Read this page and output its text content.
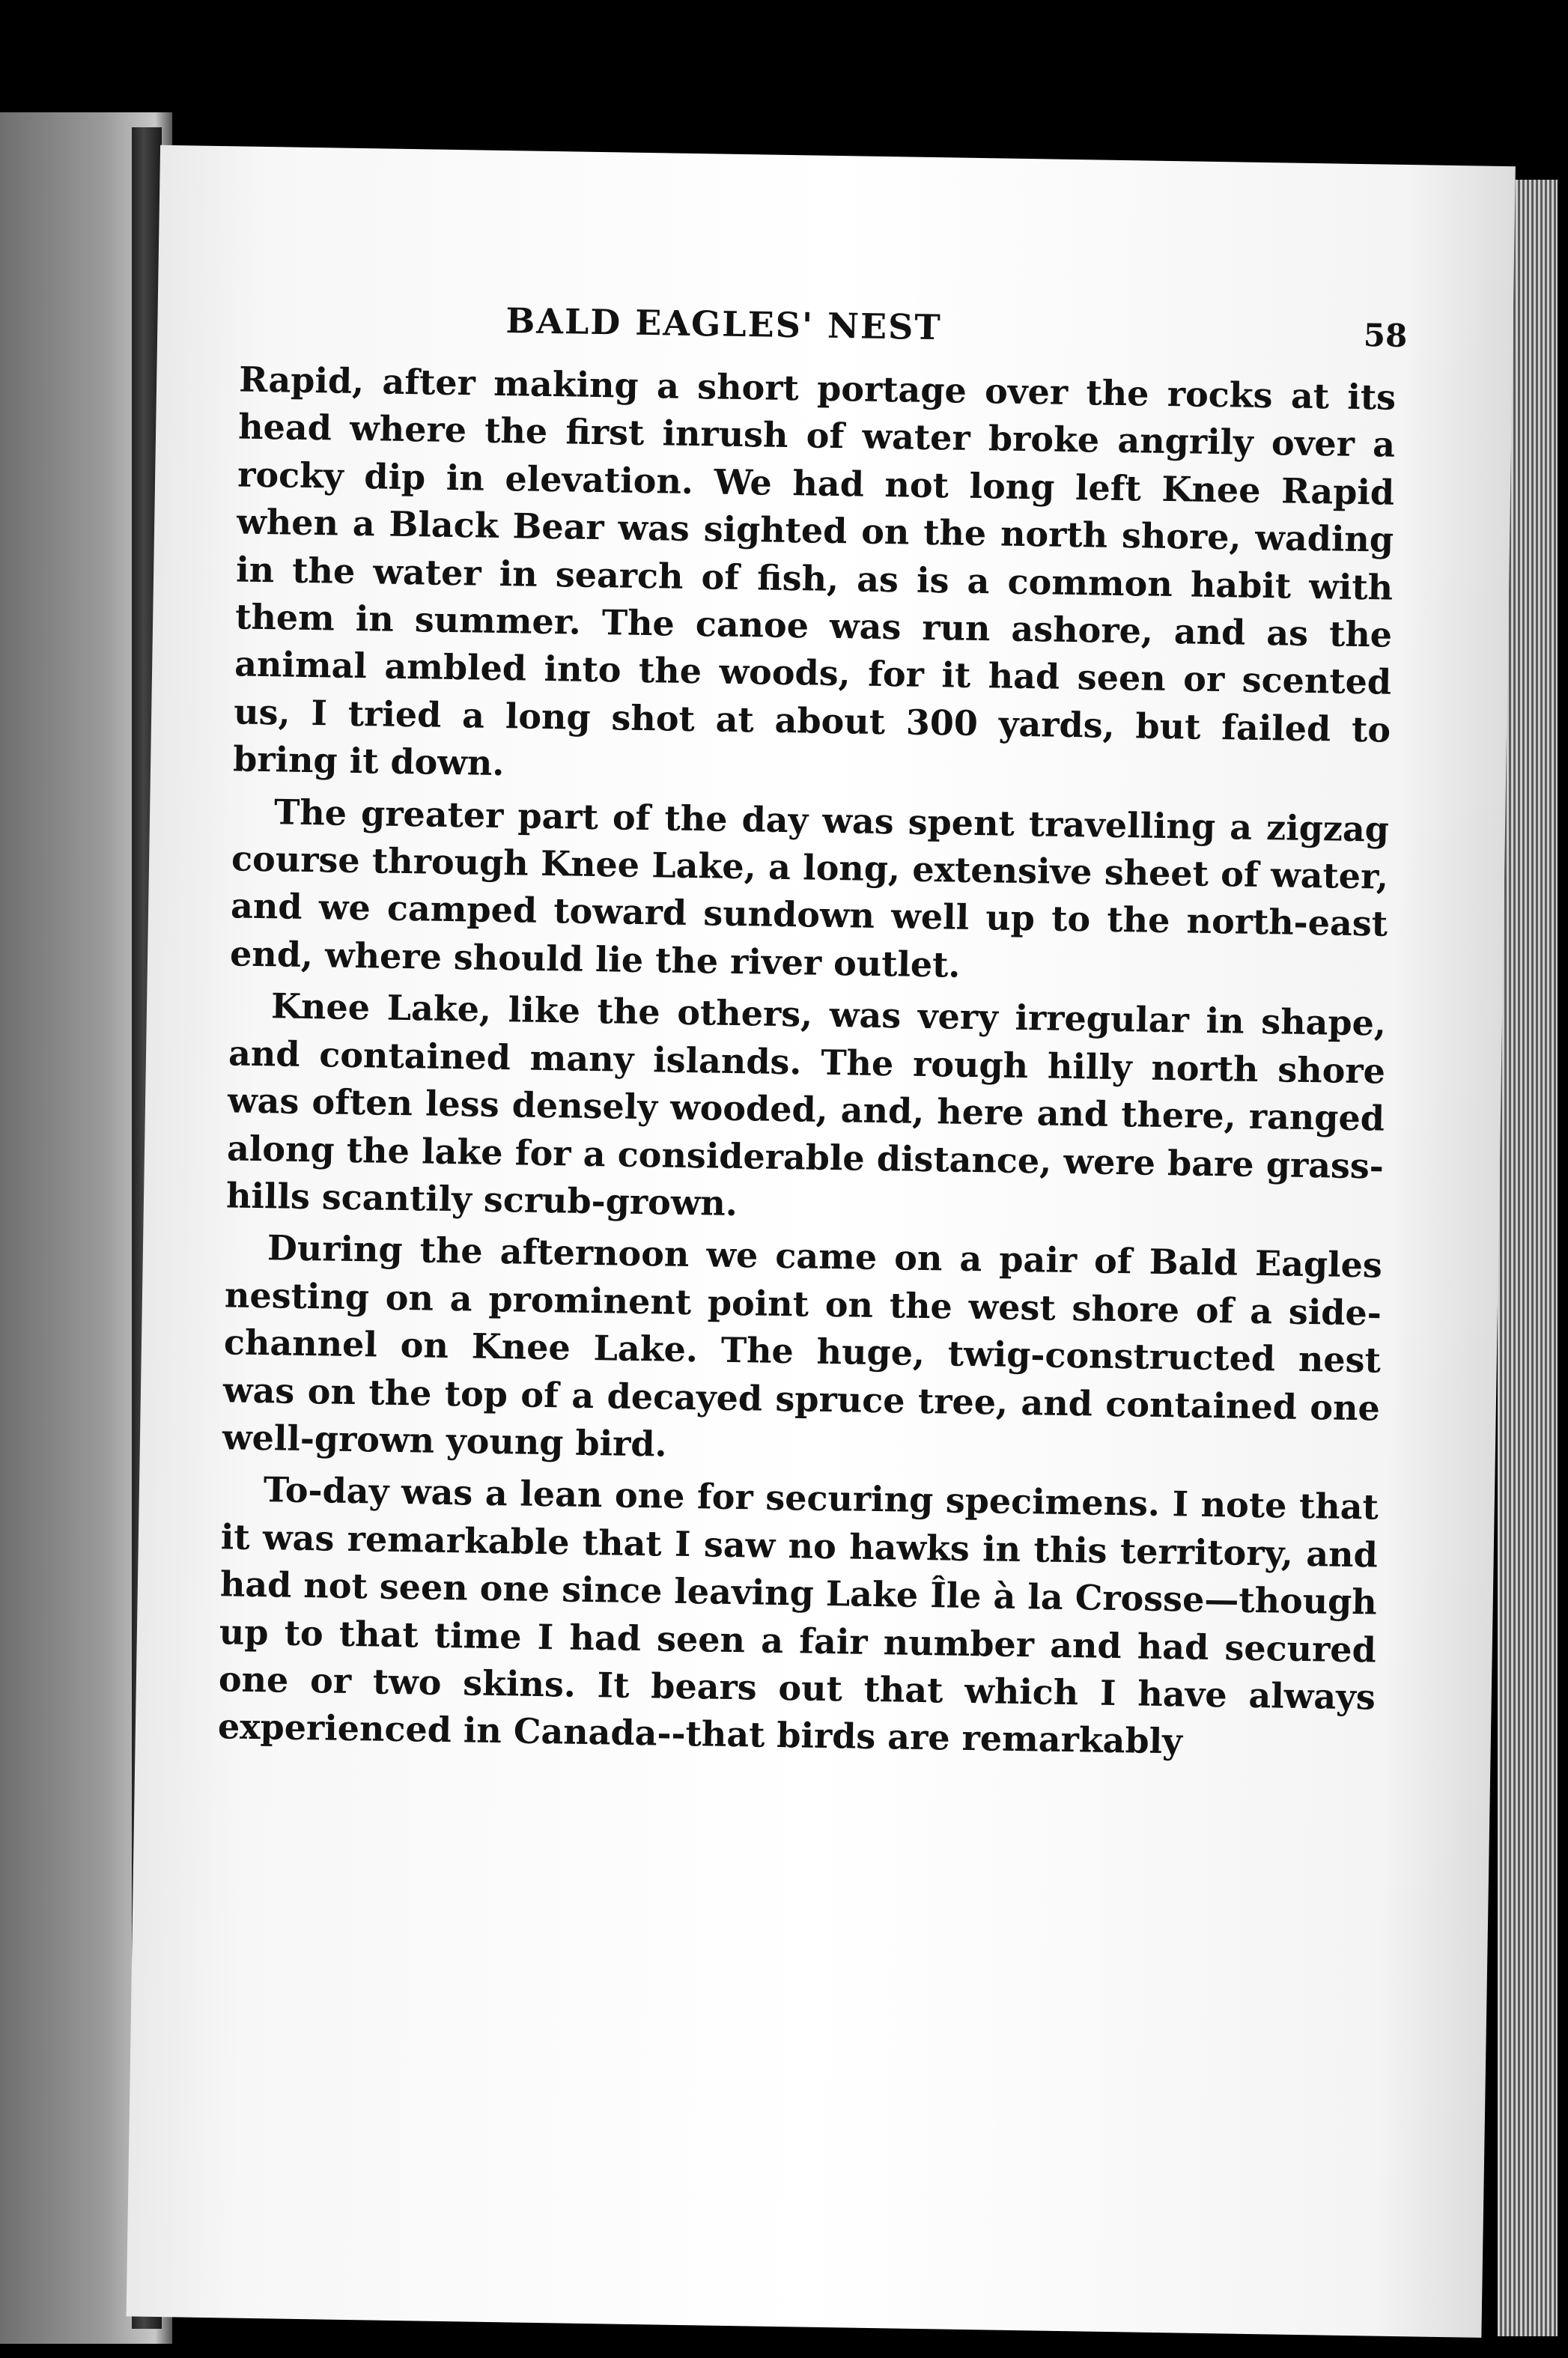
BALD EAGLES' NEST	58

Rapid, after making a short portage over the rocks at its head where the first inrush of water broke angrily over a rocky dip in elevation. We had not long left Knee Rapid when a Black Bear was sighted on the north shore, wading in the water in search of fish, as is a common habit with them in summer. The canoe was run ashore, and as the animal ambled into the woods, for it had seen or scented us, I tried a long shot at about 300 yards, but failed to bring it down.

The greater part of the day was spent travelling a zigzag course through Knee Lake, a long, extensive sheet of water, and we camped toward sundown well up to the north-east end, where should lie the river outlet.

Knee Lake, like the others, was very irregular in shape, and contained many islands. The rough hilly north shore was often less densely wooded, and, here and there, ranged along the lake for a considerable distance, were bare grass-hills scantily scrub-grown.

During the afternoon we came on a pair of Bald Eagles nesting on a prominent point on the west shore of a side-channel on Knee Lake. The huge, twig-constructed nest was on the top of a decayed spruce tree, and contained one well-grown young bird.

To-day was a lean one for securing specimens. I note that it was remarkable that I saw no hawks in this territory, and had not seen one since leaving Lake Île à la Crosse—though up to that time I had seen a fair number and had secured one or two skins. It bears out that which I have always experienced in Canada--that birds are remarkably
